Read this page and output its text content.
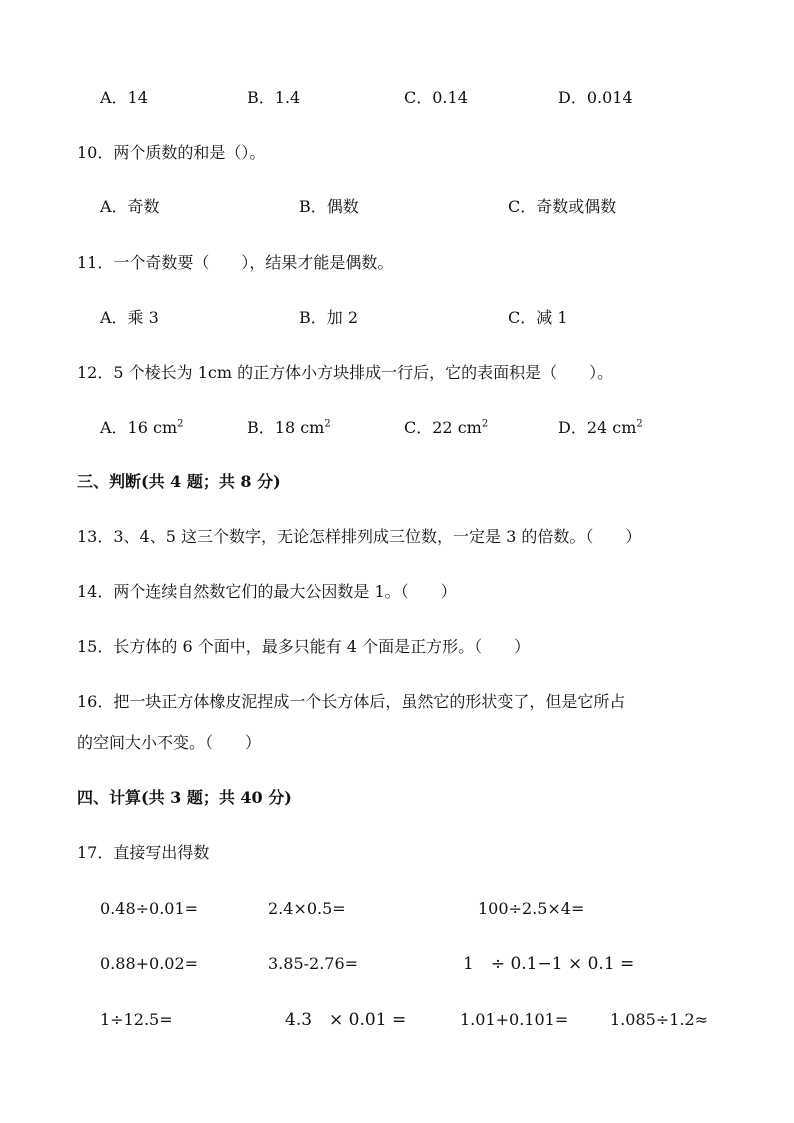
A．14	B．1.4	C．0.14	D．0.014
10．两个质数的和是（）。
A．奇数	B．偶数	C．奇数或偶数
11．一个奇数要（　　），结果才能是偶数。
A．乘 3	B．加 2	C．减 1
12．5 个棱长为 1cm 的正方体小方块排成一行后，它的表面积是（　　）。
A．16 $cm^2$	B．18 $cm^2$	C．22 $cm^2$	D．24 $cm^2$
三、判断(共 4 题；共 8 分)
13．3、4、5 这三个数字，无论怎样排列成三位数，一定是 3 的倍数。（　　）
14．两个连续自然数它们的最大公因数是 1。（　　）
15．长方体的 6 个面中，最多只能有 4 个面是正方形。（　　）
16．把一块正方体橡皮泥捏成一个长方体后，虽然它的形状变了，但是它所占
的空间大小不变。（　　）
四、计算(共 3 题；共 40 分)
17．直接写出得数
0.48÷0.01=	2.4×0.5=	100÷2.5×4=
0.88+0.02=	3.85-2.76=	1　÷ 0.1−1 × 0.1 =
1÷12.5=	4.3　× 0.01 =	1.01+0.101=	1.085÷1.2≈
